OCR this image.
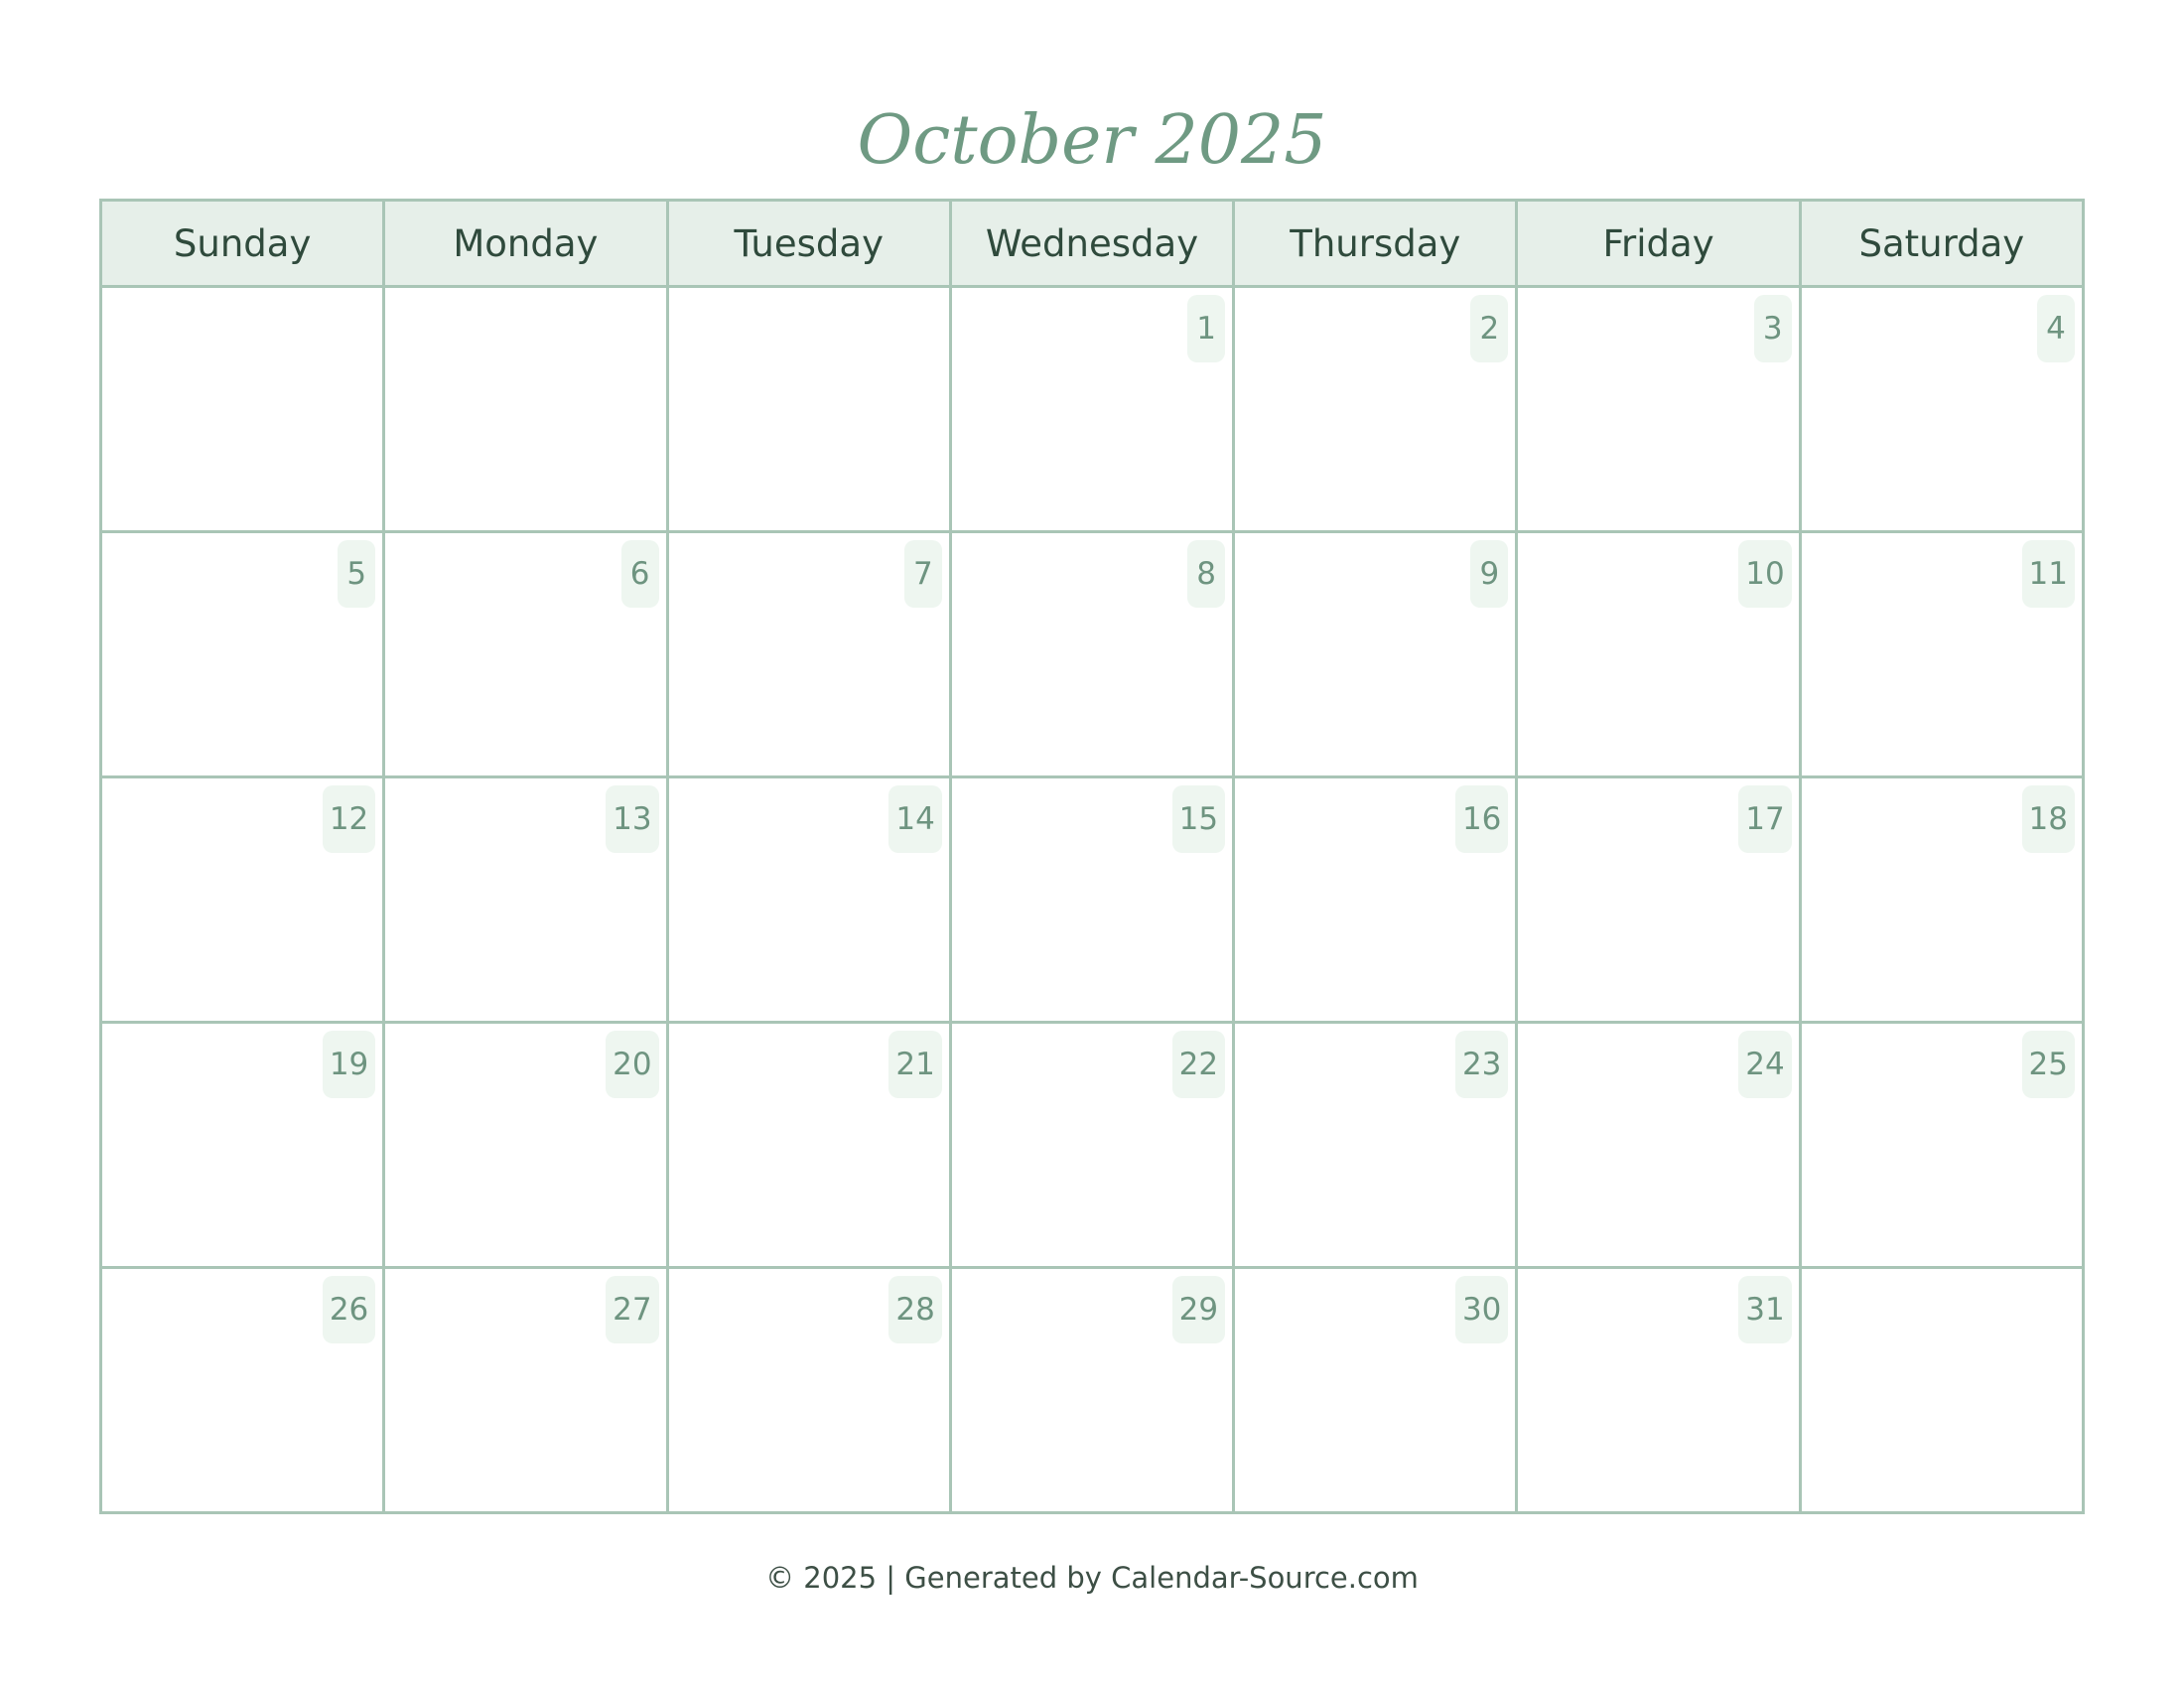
October 2025
Sunday	Monday	Tuesday	Wednesday	Thursday	Friday	Saturday

			1	2	3	4

5	6	7	8	9	10	11

12	13	14	15	16	17	18

19	20	21	22	23	24	25

26	27	28	29	30	31	

© 2025 | Generated by Calendar-Source.com
